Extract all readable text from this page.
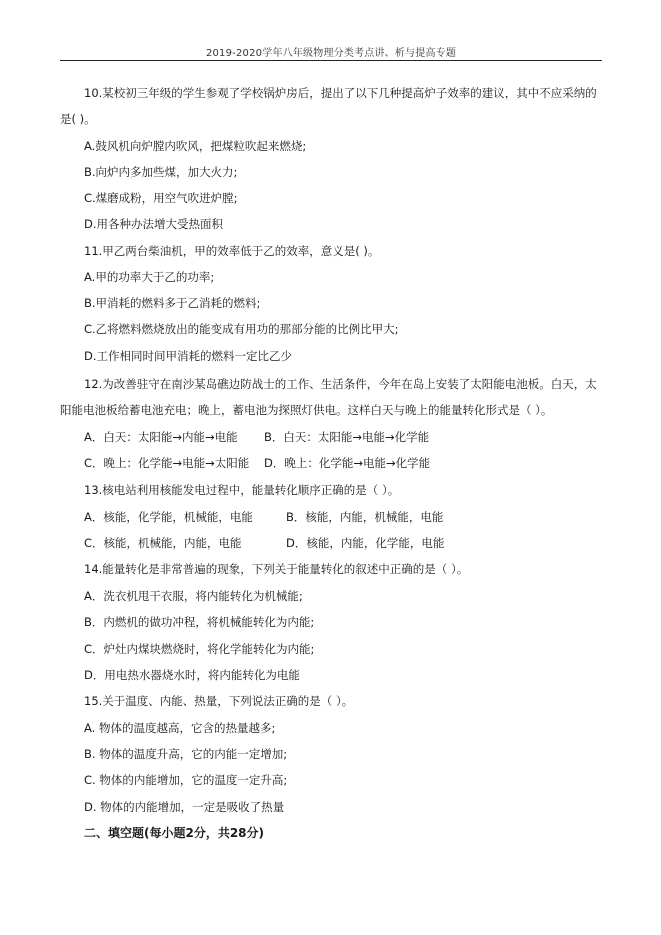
2019-2020学年八年级物理分类考点讲、析与提高专题
10.某校初三年级的学生参观了学校锅炉房后，提出了以下几种提高炉子效率的建议，其中不应采纳的
是( )。
A.鼓风机向炉膛内吹风，把煤粒吹起来燃烧;
B.向炉内多加些煤，加大火力;
C.煤磨成粉，用空气吹进炉膛;
D.用各种办法增大受热面积
11.甲乙两台柴油机，甲的效率低于乙的效率，意义是( )。
A.甲的功率大于乙的功率;
B.甲消耗的燃料多于乙消耗的燃料;
C.乙将燃料燃烧放出的能变成有用功的那部分能的比例比甲大;
D.工作相同时间甲消耗的燃料一定比乙少
12.为改善驻守在南沙某岛礁边防战士的工作、生活条件，今年在岛上安装了太阳能电池板。白天，太
阳能电池板给蓄电池充电；晚上，蓄电池为探照灯供电。这样白天与晚上的能量转化形式是（ ）。
A．白天：太阳能→内能→电能 B．白天：太阳能→电能→化学能
C．晚上：化学能→电能→太阳能 D．晚上：化学能→电能→化学能
13.核电站利用核能发电过程中，能量转化顺序正确的是（ ）。
A．核能，化学能，机械能，电能	B．核能，内能，机械能，电能
C．核能，机械能，内能，电能	D．核能，内能，化学能，电能
14.能量转化是非常普遍的现象，下列关于能量转化的叙述中正确的是（ ）。
A．洗衣机甩干衣服，将内能转化为机械能;
B．内燃机的做功冲程，将机械能转化为内能;
C．炉灶内煤块燃烧时，将化学能转化为内能;
D．用电热水器烧水时，将内能转化为电能
15.关于温度、内能、热量，下列说法正确的是（ ）。
A. 物体的温度越高，它含的热量越多;
B. 物体的温度升高，它的内能一定增加;
C. 物体的内能增加，它的温度一定升高;
D. 物体的内能增加，一定是吸收了热量
二、填空题(每小题2分，共28分)
